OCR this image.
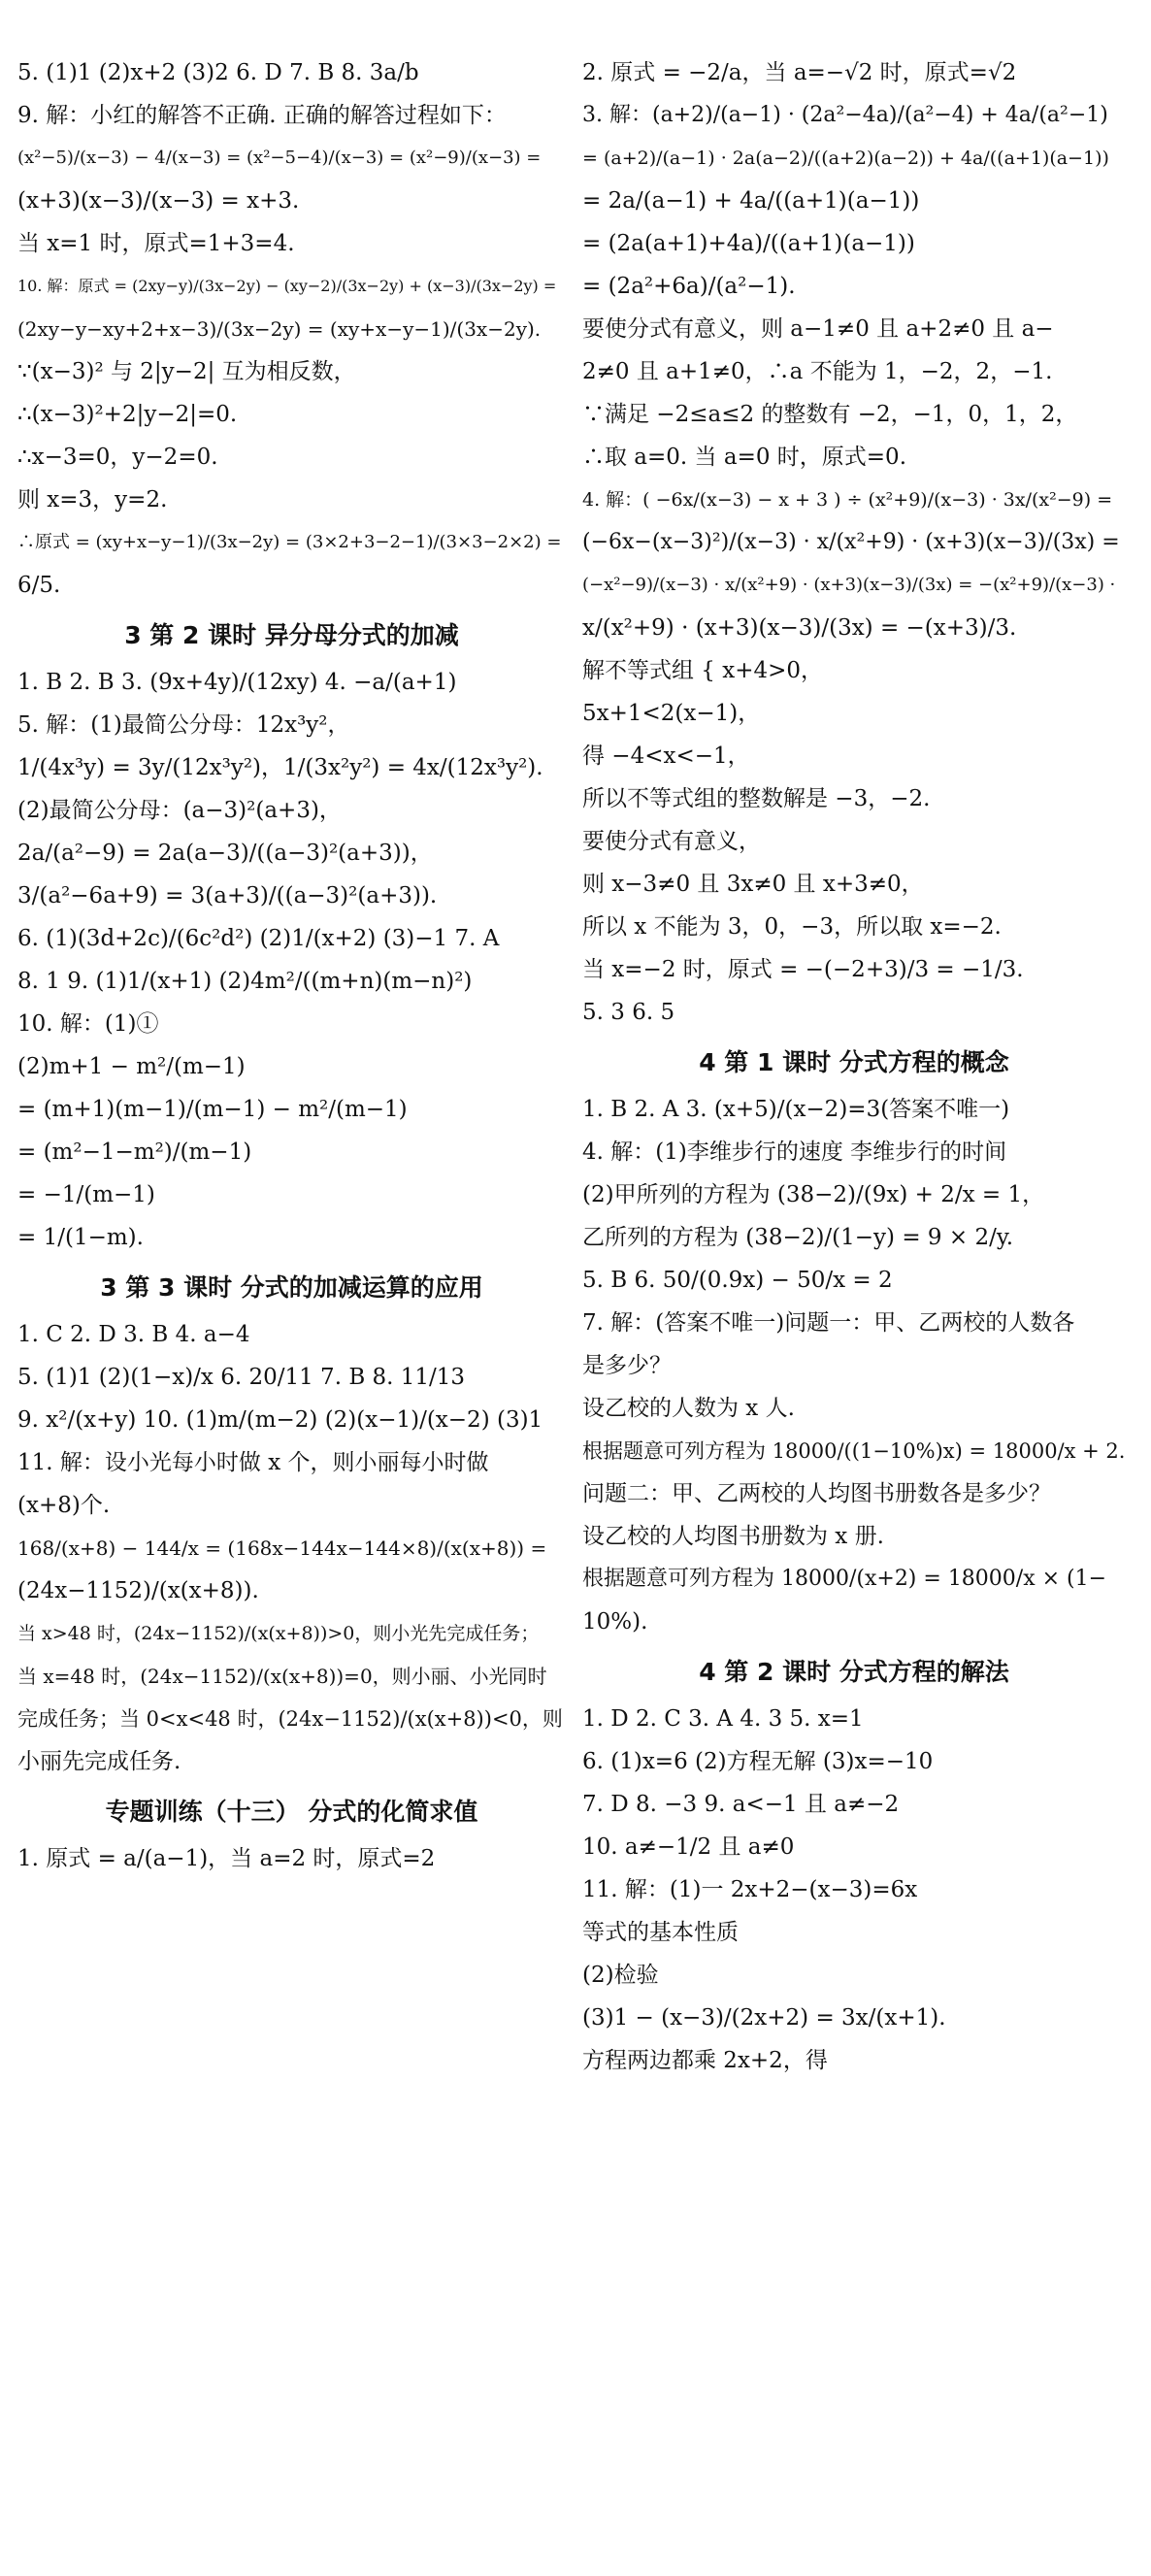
5. (1)1 (2)x+2 (3)2 6. D 7. B 8. 3a/b
9. 解：小红的解答不正确. 正确的解答过程如下：
(x²−5)/(x−3) − 4/(x−3) = (x²−5−4)/(x−3) = (x²−9)/(x−3) =
(x+3)(x−3)/(x−3) = x+3.
当 x=1 时，原式=1+3=4.
10. 解：原式 = (2xy−y)/(3x−2y) − (xy−2)/(3x−2y) + (x−3)/(3x−2y) =
(2xy−y−xy+2+x−3)/(3x−2y) = (xy+x−y−1)/(3x−2y).
∵(x−3)² 与 2|y−2| 互为相反数，
∴(x−3)²+2|y−2|=0.
∴x−3=0，y−2=0.
则 x=3，y=2.
∴原式 = (xy+x−y−1)/(3x−2y) = (3×2+3−2−1)/(3×3−2×2) =
6/5.
3 第 2 课时 异分母分式的加减
1. B 2. B 3. (9x+4y)/(12xy) 4. −a/(a+1)
5. 解：(1)最简公分母：12x³y²，
1/(4x³y) = 3y/(12x³y²)，1/(3x²y²) = 4x/(12x³y²).
(2)最简公分母：(a−3)²(a+3)，
2a/(a²−9) = 2a(a−3)/((a−3)²(a+3))，
3/(a²−6a+9) = 3(a+3)/((a−3)²(a+3)).
6. (1)(3d+2c)/(6c²d²) (2)1/(x+2) (3)−1 7. A
8. 1 9. (1)1/(x+1) (2)4m²/((m+n)(m−n)²)
10. 解：(1)①
(2)m+1 − m²/(m−1)
= (m+1)(m−1)/(m−1) − m²/(m−1)
= (m²−1−m²)/(m−1)
= −1/(m−1)
= 1/(1−m).
3 第 3 课时 分式的加减运算的应用
1. C 2. D 3. B 4. a−4
5. (1)1 (2)(1−x)/x 6. 20/11 7. B 8. 11/13
9. x²/(x+y) 10. (1)m/(m−2) (2)(x−1)/(x−2) (3)1
11. 解：设小光每小时做 x 个，则小丽每小时做
(x+8)个.
168/(x+8) − 144/x = (168x−144x−144×8)/(x(x+8)) =
(24x−1152)/(x(x+8)).
当 x>48 时，(24x−1152)/(x(x+8))>0，则小光先完成任务；
当 x=48 时，(24x−1152)/(x(x+8))=0，则小丽、小光同时
完成任务；当 0<x<48 时，(24x−1152)/(x(x+8))<0，则
小丽先完成任务.
专题训练（十三） 分式的化简求值
1. 原式 = a/(a−1)，当 a=2 时，原式=2
2. 原式 = −2/a，当 a=−√2 时，原式=√2
3. 解：(a+2)/(a−1) · (2a²−4a)/(a²−4) + 4a/(a²−1)
= (a+2)/(a−1) · 2a(a−2)/((a+2)(a−2)) + 4a/((a+1)(a−1))
= 2a/(a−1) + 4a/((a+1)(a−1))
= (2a(a+1)+4a)/((a+1)(a−1))
= (2a²+6a)/(a²−1).
要使分式有意义，则 a−1≠0 且 a+2≠0 且 a−
2≠0 且 a+1≠0，∴a 不能为 1，−2，2，−1.
∵满足 −2≤a≤2 的整数有 −2，−1，0，1，2，
∴取 a=0. 当 a=0 时，原式=0.
4. 解：( −6x/(x−3) − x + 3 ) ÷ (x²+9)/(x−3) · 3x/(x²−9) =
(−6x−(x−3)²)/(x−3) · x/(x²+9) · (x+3)(x−3)/(3x) =
(−x²−9)/(x−3) · x/(x²+9) · (x+3)(x−3)/(3x) = −(x²+9)/(x−3) ·
x/(x²+9) · (x+3)(x−3)/(3x) = −(x+3)/3.
解不等式组 { x+4>0，
5x+1<2(x−1)，
得 −4<x<−1，
所以不等式组的整数解是 −3，−2.
要使分式有意义，
则 x−3≠0 且 3x≠0 且 x+3≠0，
所以 x 不能为 3，0，−3，所以取 x=−2.
当 x=−2 时，原式 = −(−2+3)/3 = −1/3.
5. 3 6. 5
4 第 1 课时 分式方程的概念
1. B 2. A 3. (x+5)/(x−2)=3(答案不唯一)
4. 解：(1)李维步行的速度 李维步行的时间
(2)甲所列的方程为 (38−2)/(9x) + 2/x = 1，
乙所列的方程为 (38−2)/(1−y) = 9 × 2/y.
5. B 6. 50/(0.9x) − 50/x = 2
7. 解：(答案不唯一)问题一：甲、乙两校的人数各
是多少？
设乙校的人数为 x 人.
根据题意可列方程为 18000/((1−10%)x) = 18000/x + 2.
问题二：甲、乙两校的人均图书册数各是多少？
设乙校的人均图书册数为 x 册.
根据题意可列方程为 18000/(x+2) = 18000/x × (1−
10%).
4 第 2 课时 分式方程的解法
1. D 2. C 3. A 4. 3 5. x=1
6. (1)x=6 (2)方程无解 (3)x=−10
7. D 8. −3 9. a<−1 且 a≠−2
10. a≠−1/2 且 a≠0
11. 解：(1)一 2x+2−(x−3)=6x
等式的基本性质
(2)检验
(3)1 − (x−3)/(2x+2) = 3x/(x+1).
方程两边都乘 2x+2，得
